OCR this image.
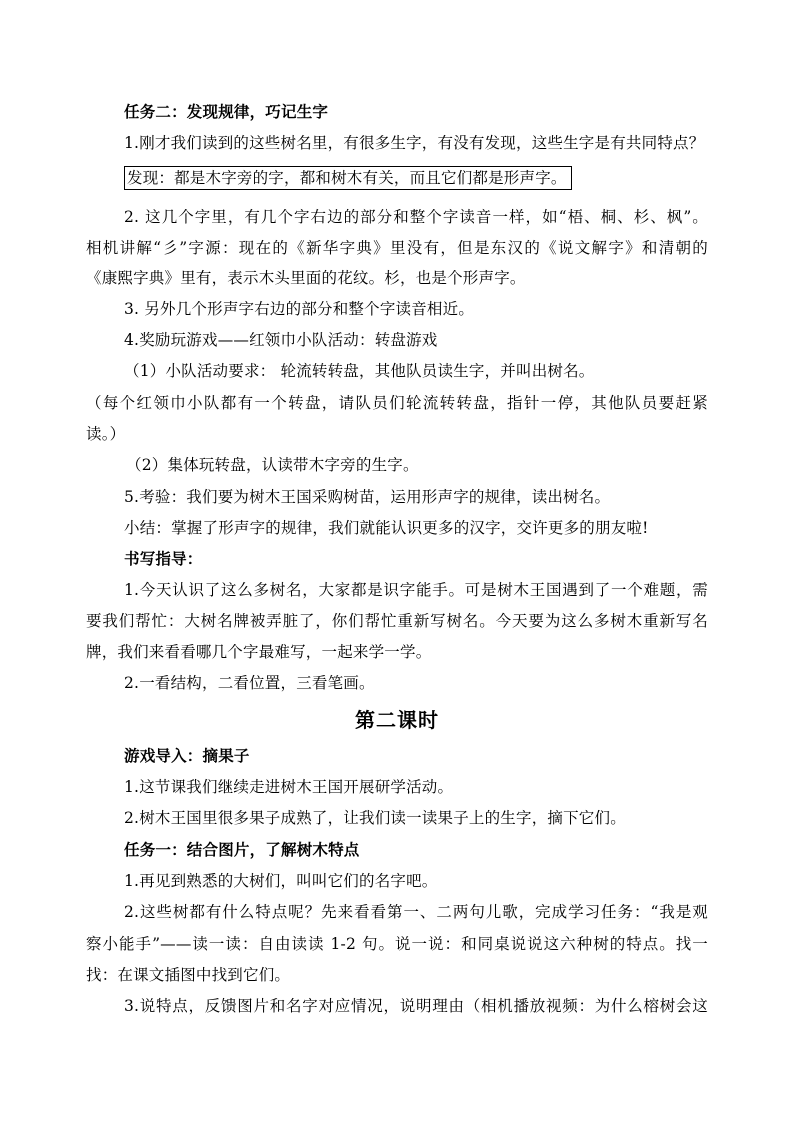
任务二：发现规律，巧记生字
1.刚才我们读到的这些树名里，有很多生字，有没有发现，这些生字是有共同特点？
发现：都是木字旁的字，都和树木有关，而且它们都是形声字。
2. 这几个字里，有几个字右边的部分和整个字读音一样，如“梧、桐、杉、枫”。
相机讲解“彡”字源：现在的《新华字典》里没有，但是东汉的《说文解字》和清朝的
《康熙字典》里有，表示木头里面的花纹。杉，也是个形声字。
3. 另外几个形声字右边的部分和整个字读音相近。
4.奖励玩游戏——红领巾小队活动：转盘游戏
（1）小队活动要求： 轮流转转盘，其他队员读生字，并叫出树名。
（每个红领巾小队都有一个转盘，请队员们轮流转转盘，指针一停，其他队员要赶紧
读。）
（2）集体玩转盘，认读带木字旁的生字。
5.考验：我们要为树木王国采购树苗，运用形声字的规律，读出树名。
小结：掌握了形声字的规律，我们就能认识更多的汉字，交许更多的朋友啦!
书写指导：
1.今天认识了这么多树名，大家都是识字能手。可是树木王国遇到了一个难题，需
要我们帮忙：大树名牌被弄脏了，你们帮忙重新写树名。今天要为这么多树木重新写名
牌，我们来看看哪几个字最难写，一起来学一学。
2.一看结构，二看位置，三看笔画。
第二课时
游戏导入：摘果子
1.这节课我们继续走进树木王国开展研学活动。
2.树木王国里很多果子成熟了，让我们读一读果子上的生字，摘下它们。
任务一：结合图片，了解树木特点
1.再见到熟悉的大树们，叫叫它们的名字吧。
2.这些树都有什么特点呢？先来看看第一、二两句儿歌，完成学习任务：“我是观
察小能手”——读一读：自由读读 1-2 句。说一说：和同桌说说这六种树的特点。找一
找：在课文插图中找到它们。
3.说特点，反馈图片和名字对应情况，说明理由（相机播放视频：为什么榕树会这
